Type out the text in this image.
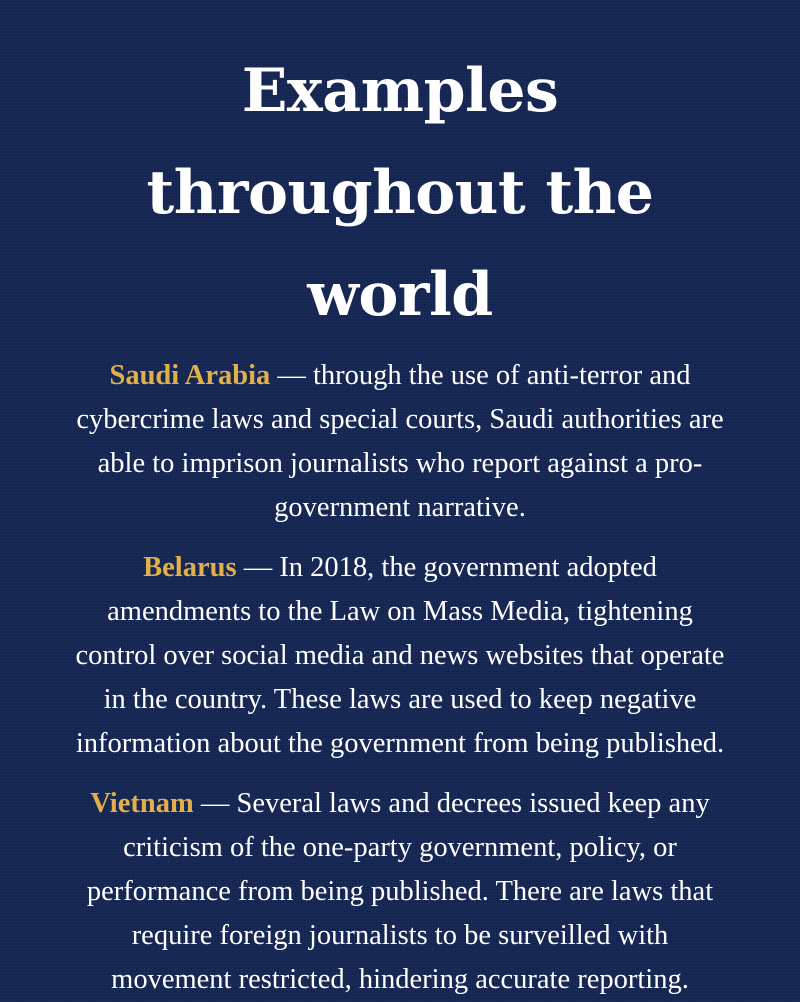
Examples throughout the world

Saudi Arabia — through the use of anti-terror and cybercrime laws and special courts, Saudi authorities are able to imprison journalists who report against a pro-government narrative.

Belarus — In 2018, the government adopted amendments to the Law on Mass Media, tightening control over social media and news websites that operate in the country. These laws are used to keep negative information about the government from being published.

Vietnam — Several laws and decrees issued keep any criticism of the one-party government, policy, or performance from being published. There are laws that require foreign journalists to be surveilled with movement restricted, hindering accurate reporting.
